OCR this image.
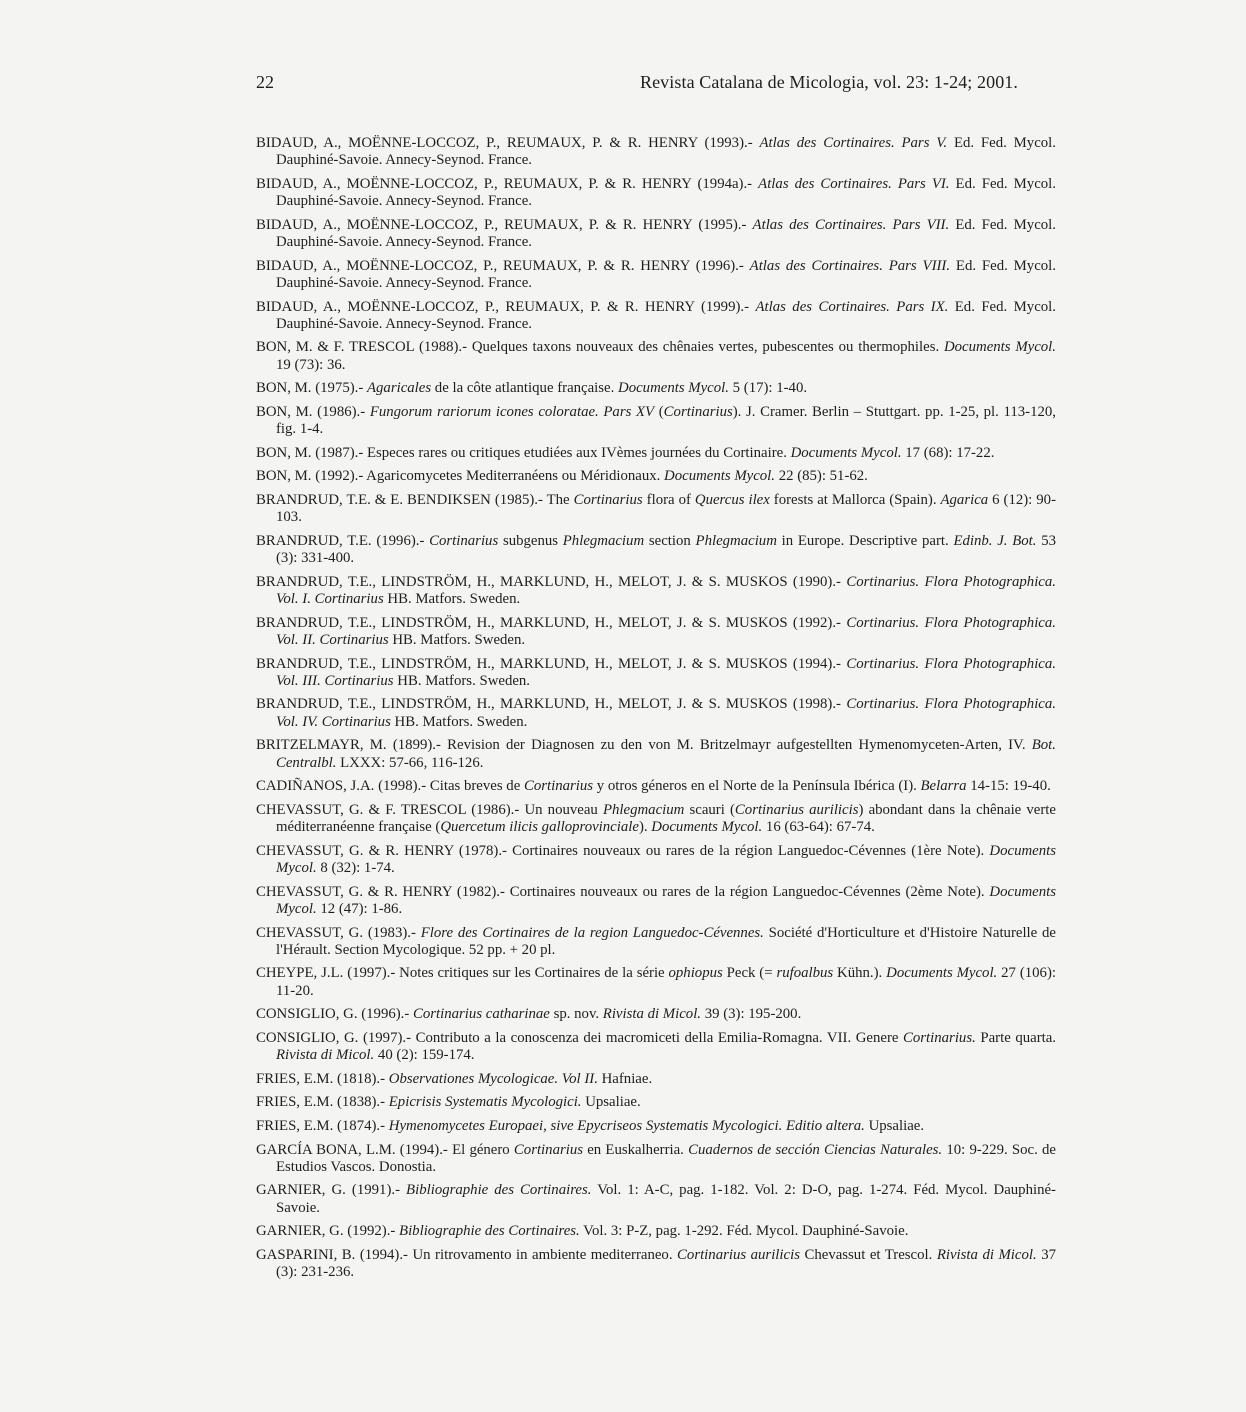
22	Revista Catalana de Micologia, vol. 23: 1-24; 2001.
BIDAUD, A., MOËNNE-LOCCOZ, P., REUMAUX, P. & R. HENRY (1993).- Atlas des Cortinaires. Pars V. Ed. Fed. Mycol. Dauphiné-Savoie. Annecy-Seynod. France.
BIDAUD, A., MOËNNE-LOCCOZ, P., REUMAUX, P. & R. HENRY (1994a).- Atlas des Cortinaires. Pars VI. Ed. Fed. Mycol. Dauphiné-Savoie. Annecy-Seynod. France.
BIDAUD, A., MOËNNE-LOCCOZ, P., REUMAUX, P. & R. HENRY (1995).- Atlas des Cortinaires. Pars VII. Ed. Fed. Mycol. Dauphiné-Savoie. Annecy-Seynod. France.
BIDAUD, A., MOËNNE-LOCCOZ, P., REUMAUX, P. & R. HENRY (1996).- Atlas des Cortinaires. Pars VIII. Ed. Fed. Mycol. Dauphiné-Savoie. Annecy-Seynod. France.
BIDAUD, A., MOËNNE-LOCCOZ, P., REUMAUX, P. & R. HENRY (1999).- Atlas des Cortinaires. Pars IX. Ed. Fed. Mycol. Dauphiné-Savoie. Annecy-Seynod. France.
BON, M. & F. TRESCOL (1988).- Quelques taxons nouveaux des chênaies vertes, pubescentes ou thermophiles. Documents Mycol. 19 (73): 36.
BON, M. (1975).- Agaricales de la côte atlantique française. Documents Mycol. 5 (17): 1-40.
BON, M. (1986).- Fungorum rariorum icones coloratae. Pars XV (Cortinarius). J. Cramer. Berlin – Stuttgart. pp. 1-25, pl. 113-120, fig. 1-4.
BON, M. (1987).- Especes rares ou critiques etudiées aux IVèmes journées du Cortinaire. Documents Mycol. 17 (68): 17-22.
BON, M. (1992).- Agaricomycetes Mediterranéens ou Méridionaux. Documents Mycol. 22 (85): 51-62.
BRANDRUD, T.E. & E. BENDIKSEN (1985).- The Cortinarius flora of Quercus ilex forests at Mallorca (Spain). Agarica 6 (12): 90-103.
BRANDRUD, T.E. (1996).- Cortinarius subgenus Phlegmacium section Phlegmacium in Europe. Descriptive part. Edinb. J. Bot. 53 (3): 331-400.
BRANDRUD, T.E., LINDSTRÖM, H., MARKLUND, H., MELOT, J. & S. MUSKOS (1990).- Cortinarius. Flora Photographica. Vol. I. Cortinarius HB. Matfors. Sweden.
BRANDRUD, T.E., LINDSTRÖM, H., MARKLUND, H., MELOT, J. & S. MUSKOS (1992).- Cortinarius. Flora Photographica. Vol. II. Cortinarius HB. Matfors. Sweden.
BRANDRUD, T.E., LINDSTRÖM, H., MARKLUND, H., MELOT, J. & S. MUSKOS (1994).- Cortinarius. Flora Photographica. Vol. III. Cortinarius HB. Matfors. Sweden.
BRANDRUD, T.E., LINDSTRÖM, H., MARKLUND, H., MELOT, J. & S. MUSKOS (1998).- Cortinarius. Flora Photographica. Vol. IV. Cortinarius HB. Matfors. Sweden.
BRITZELMAYR, M. (1899).- Revision der Diagnosen zu den von M. Britzelmayr aufgestellten Hymenomyceten-Arten, IV. Bot. Centralbl. LXXX: 57-66, 116-126.
CADIÑANOS, J.A. (1998).- Citas breves de Cortinarius y otros géneros en el Norte de la Península Ibérica (I). Belarra 14-15: 19-40.
CHEVASSUT, G. & F. TRESCOL (1986).- Un nouveau Phlegmacium scauri (Cortinarius aurilicis) abondant dans la chênaie verte méditerranéenne française (Quercetum ilicis galloprovinciale). Documents Mycol. 16 (63-64): 67-74.
CHEVASSUT, G. & R. HENRY (1978).- Cortinaires nouveaux ou rares de la région Languedoc-Cévennes (1ère Note). Documents Mycol. 8 (32): 1-74.
CHEVASSUT, G. & R. HENRY (1982).- Cortinaires nouveaux ou rares de la région Languedoc-Cévennes (2ème Note). Documents Mycol. 12 (47): 1-86.
CHEVASSUT, G. (1983).- Flore des Cortinaires de la region Languedoc-Cévennes. Société d'Horticulture et d'Histoire Naturelle de l'Hérault. Section Mycologique. 52 pp. + 20 pl.
CHEYPE, J.L. (1997).- Notes critiques sur les Cortinaires de la série ophiopus Peck (= rufoalbus Kühn.). Documents Mycol. 27 (106): 11-20.
CONSIGLIO, G. (1996).- Cortinarius catharinae sp. nov. Rivista di Micol. 39 (3): 195-200.
CONSIGLIO, G. (1997).- Contributo a la conoscenza dei macromiceti della Emilia-Romagna. VII. Genere Cortinarius. Parte quarta. Rivista di Micol. 40 (2): 159-174.
FRIES, E.M. (1818).- Observationes Mycologicae. Vol II. Hafniae.
FRIES, E.M. (1838).- Epicrisis Systematis Mycologici. Upsaliae.
FRIES, E.M. (1874).- Hymenomycetes Europaei, sive Epycriseos Systematis Mycologici. Editio altera. Upsaliae.
GARCÍA BONA, L.M. (1994).- El género Cortinarius en Euskalherria. Cuadernos de sección Ciencias Naturales. 10: 9-229. Soc. de Estudios Vascos. Donostia.
GARNIER, G. (1991).- Bibliographie des Cortinaires. Vol. 1: A-C, pag. 1-182. Vol. 2: D-O, pag. 1-274. Féd. Mycol. Dauphiné-Savoie.
GARNIER, G. (1992).- Bibliographie des Cortinaires. Vol. 3: P-Z, pag. 1-292. Féd. Mycol. Dauphiné-Savoie.
GASPARINI, B. (1994).- Un ritrovamento in ambiente mediterraneo. Cortinarius aurilicis Chevassut et Trescol. Rivista di Micol. 37 (3): 231-236.
